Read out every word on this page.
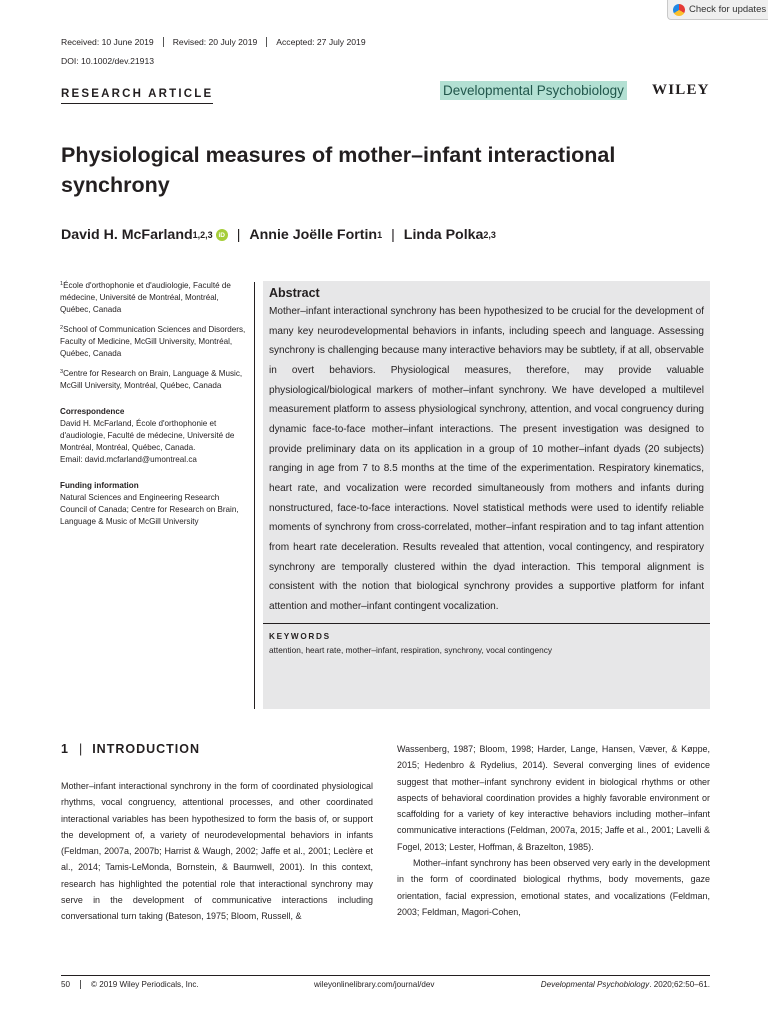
Check for updates
Received: 10 June 2019	Revised: 20 July 2019	Accepted: 27 July 2019
DOI: 10.1002/dev.21913
RESEARCH ARTICLE	Developmental Psychobiology WILEY
Physiological measures of mother–infant interactional synchrony
David H. McFarland 1,2,3 iD | Annie Joëlle Fortin 1 | Linda Polka 2,3

$^1$École d'orthophonie et d'audiologie, Faculté de médecine, Université de Montréal, Montréal, Québec, Canada

$^2$School of Communication Sciences and Disorders, Faculty of Medicine, McGill University, Montréal, Québec, Canada

$^3$Centre for Research on Brain, Language & Music, McGill University, Montréal, Québec, Canada

Correspondence

David H. McFarland, École d'orthophonie et d'audiologie, Faculté de médecine, Université de Montréal, Montréal, Québec, Canada.

Email: david.mcfarland@umontreal.ca

Funding information

Natural Sciences and Engineering Research Council of Canada; Centre for Research on Brain, Language & Music of McGill University

Abstract
Mother–infant interactional synchrony has been hypothesized to be crucial for the development of many key neurodevelopmental behaviors in infants, including speech and language. Assessing synchrony is challenging because many interactive behaviors may be subtlety, if at all, observable in overt behaviors. Physiological measures, therefore, may provide valuable physiological/biological markers of mother–infant synchrony. We have developed a multilevel measurement platform to assess physiological synchrony, attention, and vocal congruency during dynamic face‑to‑face mother–infant interactions. The present investigation was designed to provide preliminary data on its application in a group of 10 mother–infant dyads (20 subjects) ranging in age from 7 to 8.5 months at the time of the experimentation. Respiratory kinematics, heart rate, and vocalization were recorded simultaneously from mothers and infants during nonstructured, face‑to‑face interactions. Novel statistical methods were used to identify reliable moments of synchrony from cross‑correlated, mother–infant respiration and to tag infant attention from heart rate deceleration. Results revealed that attention, vocal contingency, and respiratory synchrony are temporally clustered within the dyad interaction. This temporal alignment is consistent with the notion that biological synchrony provides a supportive platform for infant attention and mother–infant contingent vocalization.
KEYWORDS
attention, heart rate, mother–infant, respiration, synchrony, vocal contingency
1 | INTRODUCTION
Mother–infant interactional synchrony in the form of coordinated physiological rhythms, vocal congruency, attentional processes, and other coordinated interactional variables has been hypothesized to form the basis of, or support the development of, a variety of neurodevelopmental behaviors in infants (Feldman, 2007a, 2007b; Harrist & Waugh, 2002; Jaffe et al., 2001; Leclère et al., 2014; Tamis‑LeMonda, Bornstein, & Baumwell, 2001). In this context, research has highlighted the potential role that interactional synchrony may serve in the development of communicative interactions including conversational turn taking (Bateson, 1975; Bloom, Russell, &
Wassenberg, 1987; Bloom, 1998; Harder, Lange, Hansen, Væver, & Køppe, 2015; Hedenbro & Rydelius, 2014). Several converging lines of evidence suggest that mother–infant synchrony evident in biological rhythms or other aspects of behavioral coordination provides a highly favorable environment or scaffolding for a variety of key interactive behaviors including mother–infant communicative interactions (Feldman, 2007a, 2015; Jaffe et al., 2001; Lavelli & Fogel, 2013; Lester, Hoffman, & Brazelton, 1985).
Mother–infant synchrony has been observed very early in the development in the form of coordinated biological rhythms, body movements, gaze orientation, facial expression, emotional states, and vocalizations (Feldman, 2003; Feldman, Magori‑Cohen,
50	© 2019 Wiley Periodicals, Inc.	wileyonlinelibrary.com/journal/dev	Developmental Psychobiology. 2020;62:50–61.
